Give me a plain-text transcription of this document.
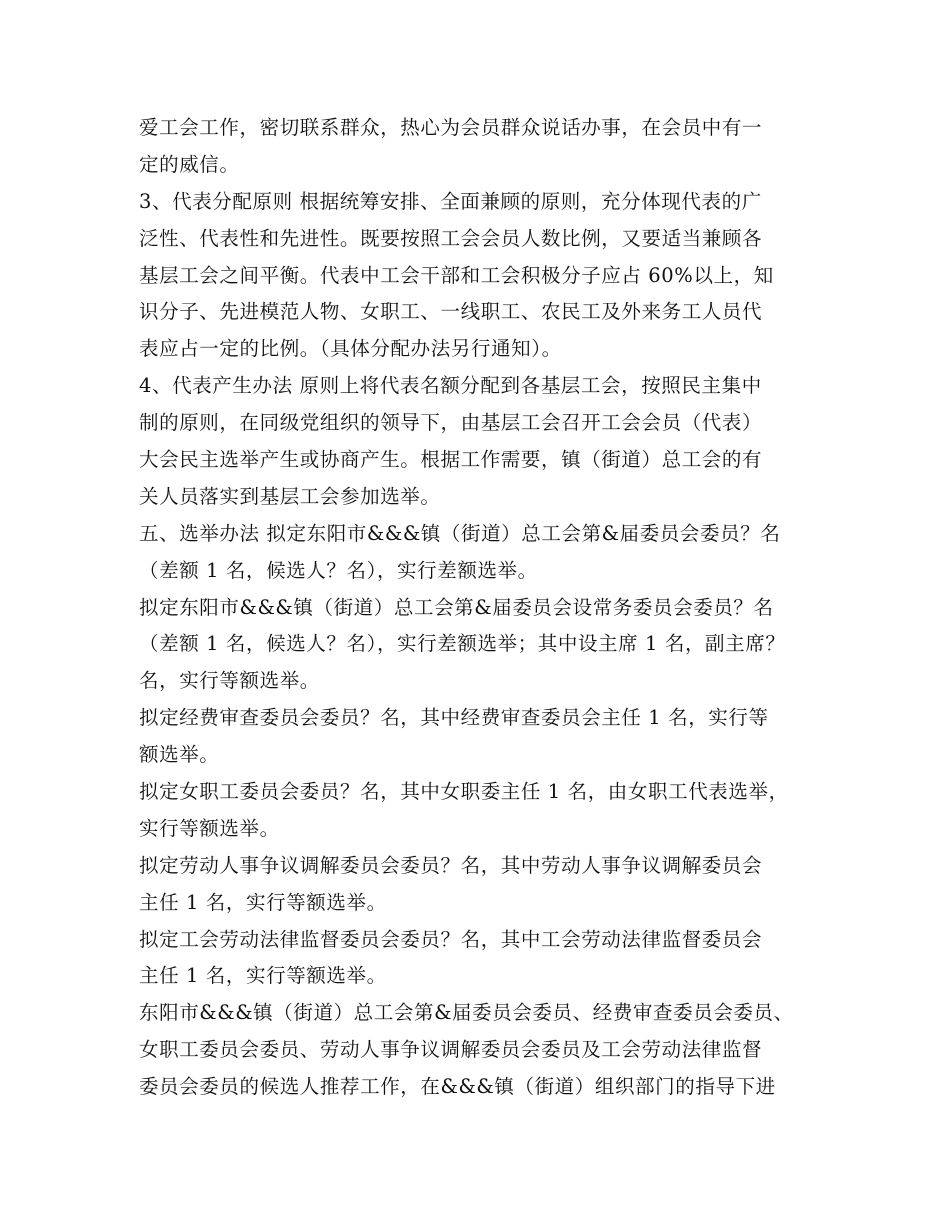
爱工会工作，密切联系群众，热心为会员群众说话办事，在会员中有一
定的威信。
3、代表分配原则 根据统筹安排、全面兼顾的原则，充分体现代表的广
泛性、代表性和先进性。既要按照工会会员人数比例，又要适当兼顾各
基层工会之间平衡。代表中工会干部和工会积极分子应占 60%以上，知
识分子、先进模范人物、女职工、一线职工、农民工及外来务工人员代
表应占一定的比例。（具体分配办法另行通知）。
4、代表产生办法 原则上将代表名额分配到各基层工会，按照民主集中
制的原则，在同级党组织的领导下，由基层工会召开工会会员（代表）
大会民主选举产生或协商产生。根据工作需要，镇（街道）总工会的有
关人员落实到基层工会参加选举。
五、选举办法 拟定东阳市&&&镇（街道）总工会第&届委员会委员？名
（差额 1 名，候选人？名），实行差额选举。
拟定东阳市&&&镇（街道）总工会第&届委员会设常务委员会委员？名
（差额 1 名，候选人？名），实行差额选举；其中设主席 1 名，副主席？
名，实行等额选举。
拟定经费审查委员会委员？名，其中经费审查委员会主任 1 名，实行等
额选举。
拟定女职工委员会委员？名，其中女职委主任 1 名，由女职工代表选举，
实行等额选举。
拟定劳动人事争议调解委员会委员？名，其中劳动人事争议调解委员会
主任 1 名，实行等额选举。
拟定工会劳动法律监督委员会委员？名，其中工会劳动法律监督委员会
主任 1 名，实行等额选举。
东阳市&&&镇（街道）总工会第&届委员会委员、经费审查委员会委员、
女职工委员会委员、劳动人事争议调解委员会委员及工会劳动法律监督
委员会委员的候选人推荐工作，在&&&镇（街道）组织部门的指导下进
